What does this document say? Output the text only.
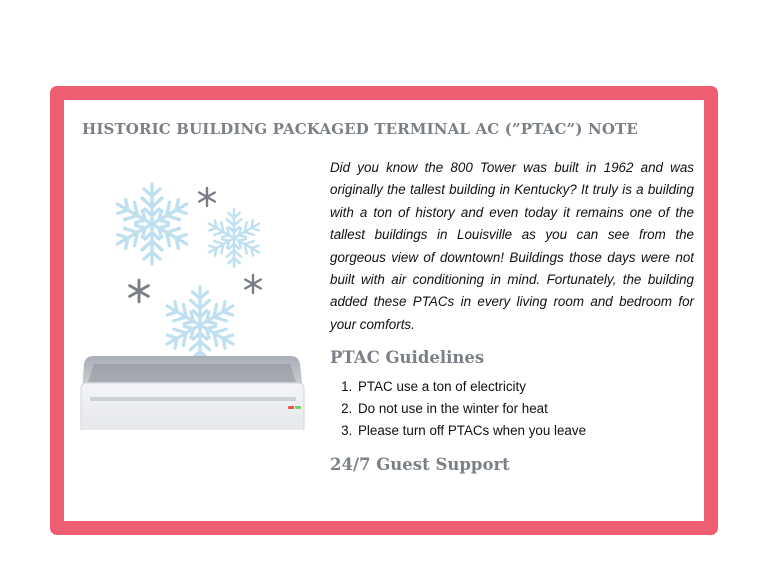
HISTORIC BUILDING PACKAGED TERMINAL AC (”PTAC”) NOTE
Did you know the 800 Tower was built in 1962 and was originally the tallest building in Kentucky? It truly is a building with a ton of history and even today it remains one of the tallest buildings in Louisville as you can see from the gorgeous view of downtown! Buildings those days were not built with air conditioning in mind. Fortunately, the building added these PTACs in every living room and bedroom for your comforts.
PTAC Guidelines
1. PTAC use a ton of electricity
2. Do not use in the winter for heat
3. Please turn off PTACs when you leave
24/7 Guest Support
